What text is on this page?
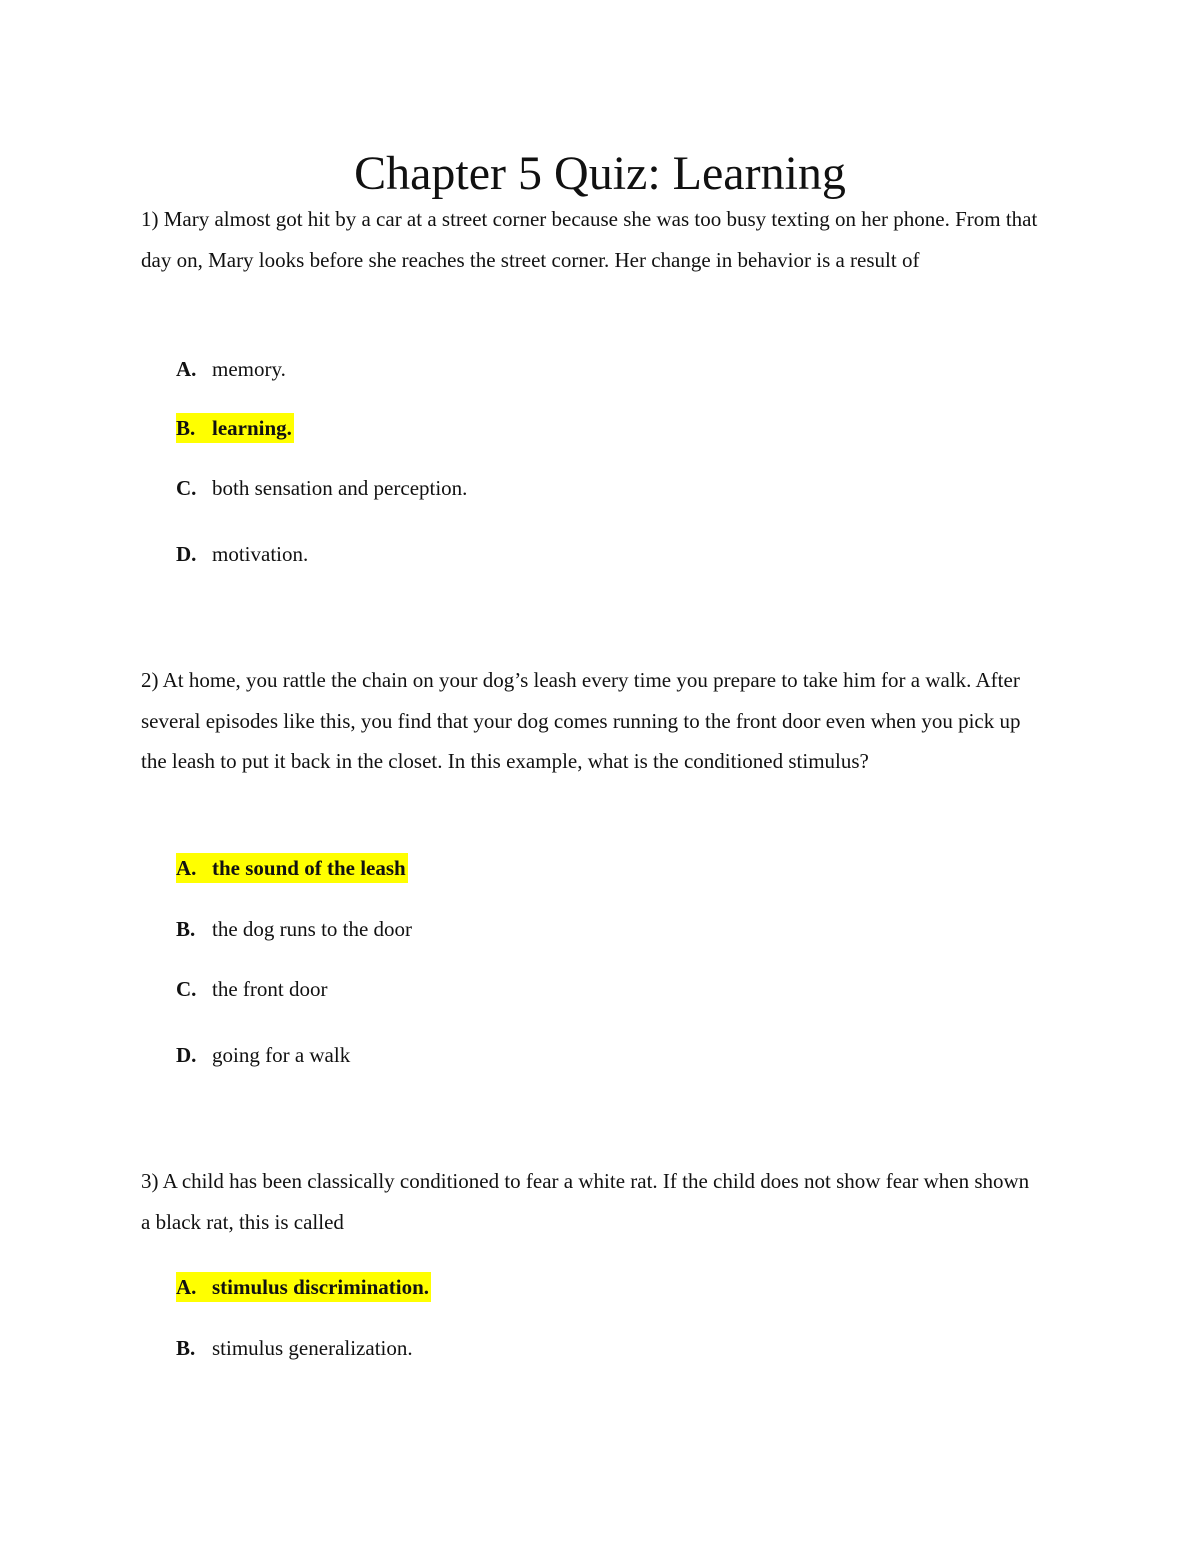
Chapter 5 Quiz: Learning

1) Mary almost got hit by a car at a street corner because she was too busy texting on her phone. From that day on, Mary looks before she reaches the street corner. Her change in behavior is a result of

A. memory.
B. learning.
C. both sensation and perception.
D. motivation.

2) At home, you rattle the chain on your dog’s leash every time you prepare to take him for a walk. After several episodes like this, you find that your dog comes running to the front door even when you pick up the leash to put it back in the closet. In this example, what is the conditioned stimulus?

A. the sound of the leash
B. the dog runs to the door
C. the front door
D. going for a walk

3) A child has been classically conditioned to fear a white rat. If the child does not show fear when shown a black rat, this is called

A. stimulus discrimination.
B. stimulus generalization.
